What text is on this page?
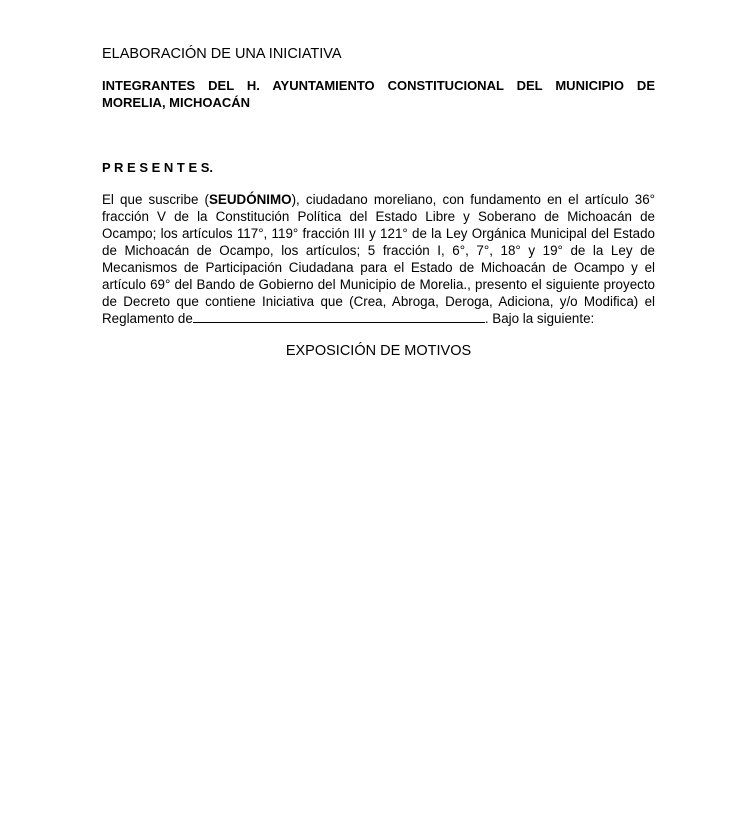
ELABORACIÓN DE UNA INICIATIVA
INTEGRANTES DEL H. AYUNTAMIENTO CONSTITUCIONAL DEL MUNICIPIO DE
MORELIA, MICHOACÁN
P R E S E N T E S.
El que suscribe (SEUDÓNIMO), ciudadano moreliano, con fundamento en el artículo 36°
fracción V de la Constitución Política del Estado Libre y Soberano de Michoacán de
Ocampo; los artículos 117°, 119° fracción III y 121° de la Ley Orgánica Municipal del Estado
de Michoacán de Ocampo, los artículos; 5 fracción I, 6°, 7°, 18° y 19° de la Ley de
Mecanismos de Participación Ciudadana para el Estado de Michoacán de Ocampo y el
artículo 69° del Bando de Gobierno del Municipio de Morelia., presento el siguiente proyecto
de Decreto que contiene Iniciativa que (Crea, Abroga, Deroga, Adiciona, y/o Modifica) el
Reglamento de	. Bajo la siguiente:
EXPOSICIÓN DE MOTIVOS
